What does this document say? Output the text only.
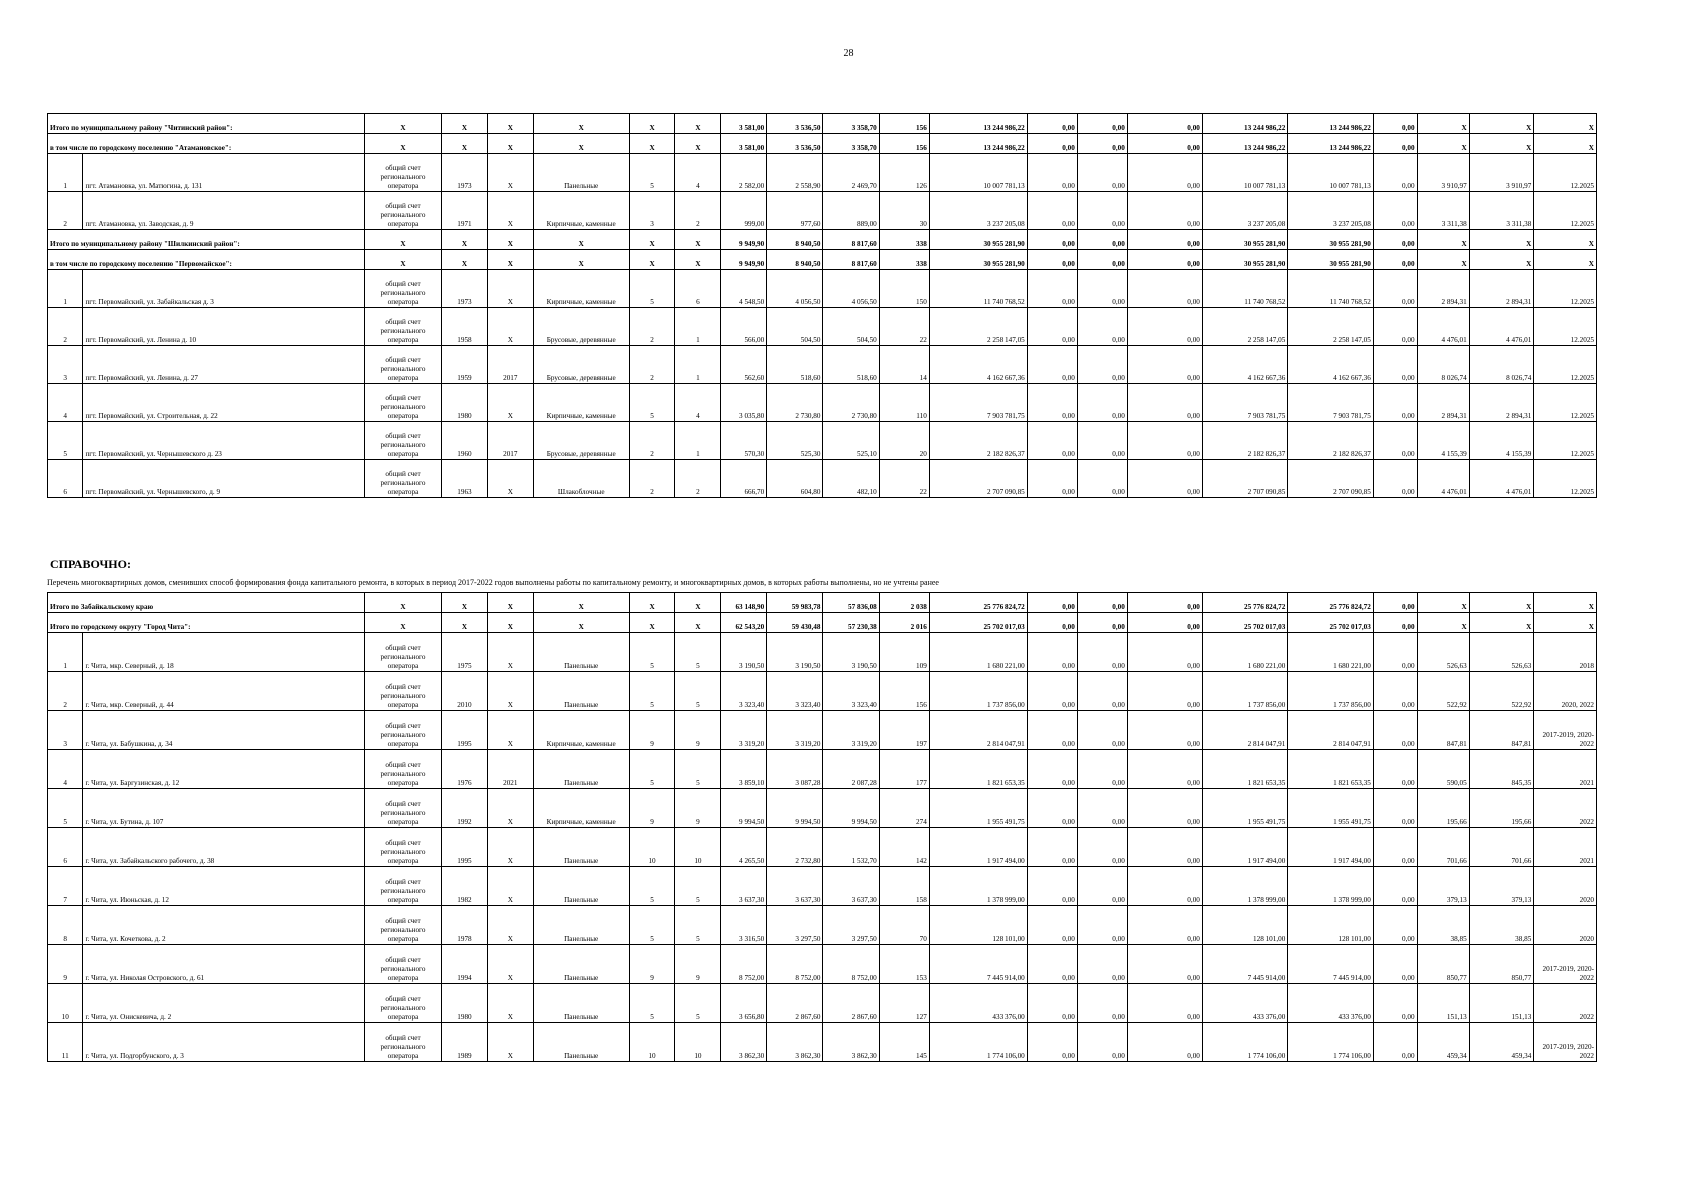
28
Итого по муниципальному району "Читинский район":		X	X	X	X	X	X	3 581,00	3 536,50	3 358,70	156	13 244 986,22	0,00	0,00	0,00	13 244 986,22	13 244 986,22	0,00	X	X	X
в том числе по городскому поселению "Атамановское":		X	X	X	X	X	X	3 581,00	3 536,50	3 358,70	156	13 244 986,22	0,00	0,00	0,00	13 244 986,22	13 244 986,22	0,00	X	X	X
1	пгт. Атамановка, ул. Матюгина, д. 131	общий счет регионального оператора	1973	X	Панельные	5	4	2 582,00	2 558,90	2 469,70	126	10 007 781,13	0,00	0,00	0,00	10 007 781,13	10 007 781,13	0,00	3 910,97	3 910,97	12.2025
2	пгт. Атамановка, ул. Заводская, д. 9	общий счет регионального оператора	1971	X	Кирпичные, каменные	3	2	999,00	977,60	889,00	30	3 237 205,08	0,00	0,00	0,00	3 237 205,08	3 237 205,08	0,00	3 311,38	3 311,38	12.2025
Итого по муниципальному району "Шилкинский район":		X	X	X	X	X	X	9 949,90	8 940,50	8 817,60	338	30 955 281,90	0,00	0,00	0,00	30 955 281,90	30 955 281,90	0,00	X	X	X
в том числе по городскому поселению "Первомайское":		X	X	X	X	X	X	9 949,90	8 940,50	8 817,60	338	30 955 281,90	0,00	0,00	0,00	30 955 281,90	30 955 281,90	0,00	X	X	X
1	пгт. Первомайский, ул. Забайкальская д. 3	общий счет регионального оператора	1973	X	Кирпичные, каменные	5	6	4 548,50	4 056,50	4 056,50	150	11 740 768,52	0,00	0,00	0,00	11 740 768,52	11 740 768,52	0,00	2 894,31	2 894,31	12.2025
2	пгт. Первомайский, ул. Ленина д. 10	общий счет регионального оператора	1958	X	Брусовые, деревянные	2	1	566,00	504,50	504,50	22	2 258 147,05	0,00	0,00	0,00	2 258 147,05	2 258 147,05	0,00	4 476,01	4 476,01	12.2025
3	пгт. Первомайский, ул. Ленина, д. 27	общий счет регионального оператора	1959	2017	Брусовые, деревянные	2	1	562,60	518,60	518,60	14	4 162 667,36	0,00	0,00	0,00	4 162 667,36	4 162 667,36	0,00	8 026,74	8 026,74	12.2025
4	пгт. Первомайский, ул. Строительная, д. 22	общий счет регионального оператора	1980	X	Кирпичные, каменные	5	4	3 035,80	2 730,80	2 730,80	110	7 903 781,75	0,00	0,00	0,00	7 903 781,75	7 903 781,75	0,00	2 894,31	2 894,31	12.2025
5	пгт. Первомайский, ул. Чернышевского д. 23	общий счет регионального оператора	1960	2017	Брусовые, деревянные	2	1	570,30	525,30	525,10	20	2 182 826,37	0,00	0,00	0,00	2 182 826,37	2 182 826,37	0,00	4 155,39	4 155,39	12.2025
6	пгт. Первомайский, ул. Чернышевского, д. 9	общий счет регионального оператора	1963	X	Шлакоблочные	2	2	666,70	604,80	482,10	22	2 707 090,85	0,00	0,00	0,00	2 707 090,85	2 707 090,85	0,00	4 476,01	4 476,01	12.2025
СПРАВОЧНО:
Перечень многоквартирных домов, сменивших способ формирования фонда капитального ремонта, в которых в период 2017-2022 годов выполнены работы по капитальному ремонту, и многоквартирных домов, в которых работы выполнены, но не учтены ранее
Итого по Забайкальскому краю		X	X	X	X	X	X	63 148,90	59 983,78	57 836,08	2 038	25 776 824,72	0,00	0,00	0,00	25 776 824,72	25 776 824,72	0,00	X	X	X
Итого по городскому округу "Город Чита":		X	X	X	X	X	X	62 543,20	59 430,48	57 230,38	2 016	25 702 017,03	0,00	0,00	0,00	25 702 017,03	25 702 017,03	0,00	X	X	X
1	г. Чита, мкр. Северный, д. 18	общий счет регионального оператора	1975	X	Панельные	5	5	3 190,50	3 190,50	3 190,50	109	1 680 221,00	0,00	0,00	0,00	1 680 221,00	1 680 221,00	0,00	526,63	526,63	2018
2	г. Чита, мкр. Северный, д. 44	общий счет регионального оператора	2010	X	Панельные	5	5	3 323,40	3 323,40	3 323,40	156	1 737 856,00	0,00	0,00	0,00	1 737 856,00	1 737 856,00	0,00	522,92	522,92	2020, 2022
3	г. Чита, ул. Бабушкина, д. 34	общий счет регионального оператора	1995	X	Кирпичные, каменные	9	9	3 319,20	3 319,20	3 319,20	197	2 814 047,91	0,00	0,00	0,00	2 814 047,91	2 814 047,91	0,00	847,81	847,81	2017-2019, 2020-2022
4	г. Чита, ул. Баргузинская, д. 12	общий счет регионального оператора	1976	2021	Панельные	5	5	3 859,10	3 087,28	2 087,28	177	1 821 653,35	0,00	0,00	0,00	1 821 653,35	1 821 653,35	0,00	590,05	845,35	2021
5	г. Чита, ул. Бутина, д. 107	общий счет регионального оператора	1992	X	Кирпичные, каменные	9	9	9 994,50	9 994,50	9 994,50	274	1 955 491,75	0,00	0,00	0,00	1 955 491,75	1 955 491,75	0,00	195,66	195,66	2022
6	г. Чита, ул. Забайкальского рабочего, д. 38	общий счет регионального оператора	1995	X	Панельные	10	10	4 265,50	2 732,80	1 532,70	142	1 917 494,00	0,00	0,00	0,00	1 917 494,00	1 917 494,00	0,00	701,66	701,66	2021
7	г. Чита, ул. Июньская, д. 12	общий счет регионального оператора	1982	X	Панельные	5	5	3 637,30	3 637,30	3 637,30	158	1 378 999,00	0,00	0,00	0,00	1 378 999,00	1 378 999,00	0,00	379,13	379,13	2020
8	г. Чита, ул. Кочеткова, д. 2	общий счет регионального оператора	1978	X	Панельные	5	5	3 316,50	3 297,50	3 297,50	70	128 101,00	0,00	0,00	0,00	128 101,00	128 101,00	0,00	38,85	38,85	2020
9	г. Чита, ул. Николая Островского, д. 61	общий счет регионального оператора	1994	X	Панельные	9	9	8 752,00	8 752,00	8 752,00	153	7 445 914,00	0,00	0,00	0,00	7 445 914,00	7 445 914,00	0,00	850,77	850,77	2017-2019, 2020-2022
10	г. Чита, ул. Онискевича, д. 2	общий счет регионального оператора	1980	X	Панельные	5	5	3 656,80	2 867,60	2 867,60	127	433 376,00	0,00	0,00	0,00	433 376,00	433 376,00	0,00	151,13	151,13	2022
11	г. Чита, ул. Подгорбунского, д. 3	общий счет регионального оператора	1989	X	Панельные	10	10	3 862,30	3 862,30	3 862,30	145	1 774 106,00	0,00	0,00	0,00	1 774 106,00	1 774 106,00	0,00	459,34	459,34	2017-2019, 2020-2022
